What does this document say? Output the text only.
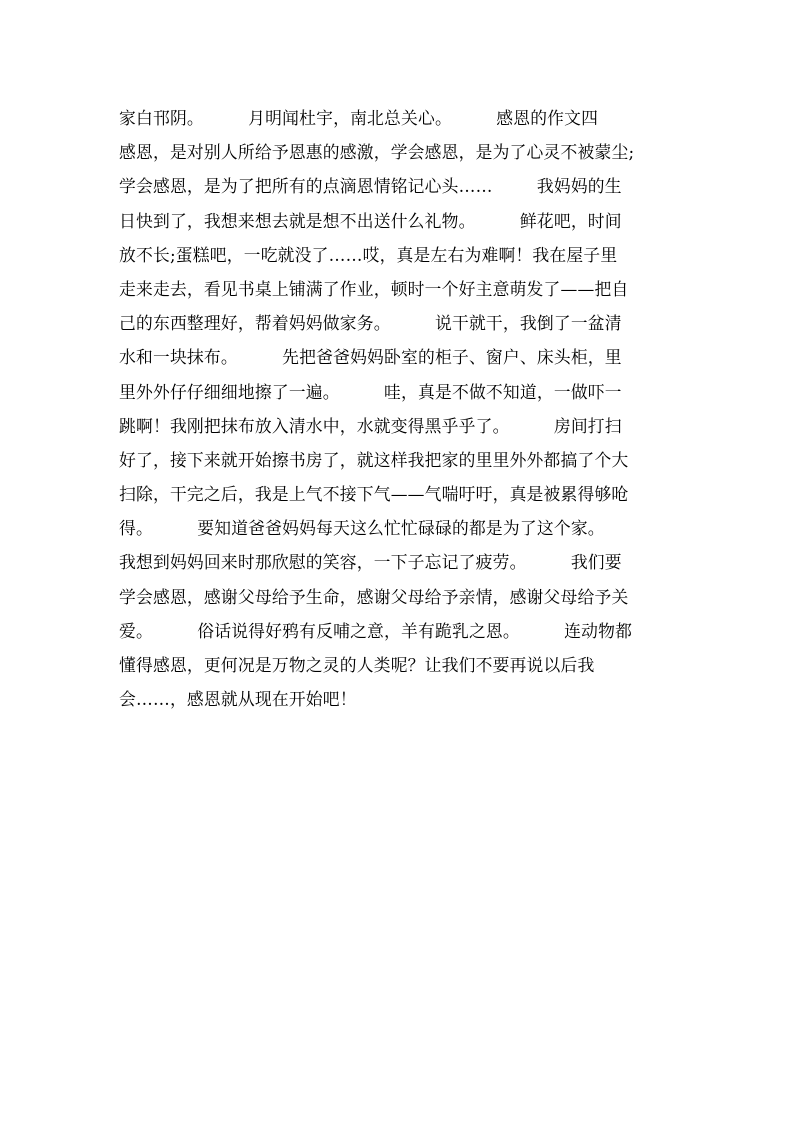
家白邗阴。        月明闻杜宇，南北总关心。        感恩的作文四
感恩，是对别人所给予恩惠的感激，学会感恩，是为了心灵不被蒙尘;
学会感恩，是为了把所有的点滴恩情铭记心头……        我妈妈的生
日快到了，我想来想去就是想不出送什么礼物。        鲜花吧，时间
放不长;蛋糕吧，一吃就没了……哎，真是左右为难啊！我在屋子里
走来走去，看见书桌上铺满了作业，顿时一个好主意萌发了——把自
己的东西整理好，帮着妈妈做家务。        说干就干，我倒了一盆清
水和一块抹布。        先把爸爸妈妈卧室的柜子、窗户、床头柜，里
里外外仔仔细细地擦了一遍。        哇，真是不做不知道，一做吓一
跳啊！我刚把抹布放入清水中，水就变得黑乎乎了。        房间打扫
好了，接下来就开始擦书房了，就这样我把家的里里外外都搞了个大
扫除，干完之后，我是上气不接下气——气喘吁吁，真是被累得够呛
得。        要知道爸爸妈妈每天这么忙忙碌碌的都是为了这个家。
我想到妈妈回来时那欣慰的笑容，一下子忘记了疲劳。        我们要
学会感恩，感谢父母给予生命，感谢父母给予亲情，感谢父母给予关
爱。        俗话说得好鸦有反哺之意，羊有跪乳之恩。        连动物都
懂得感恩，更何况是万物之灵的人类呢？让我们不要再说以后我
会……，感恩就从现在开始吧！
